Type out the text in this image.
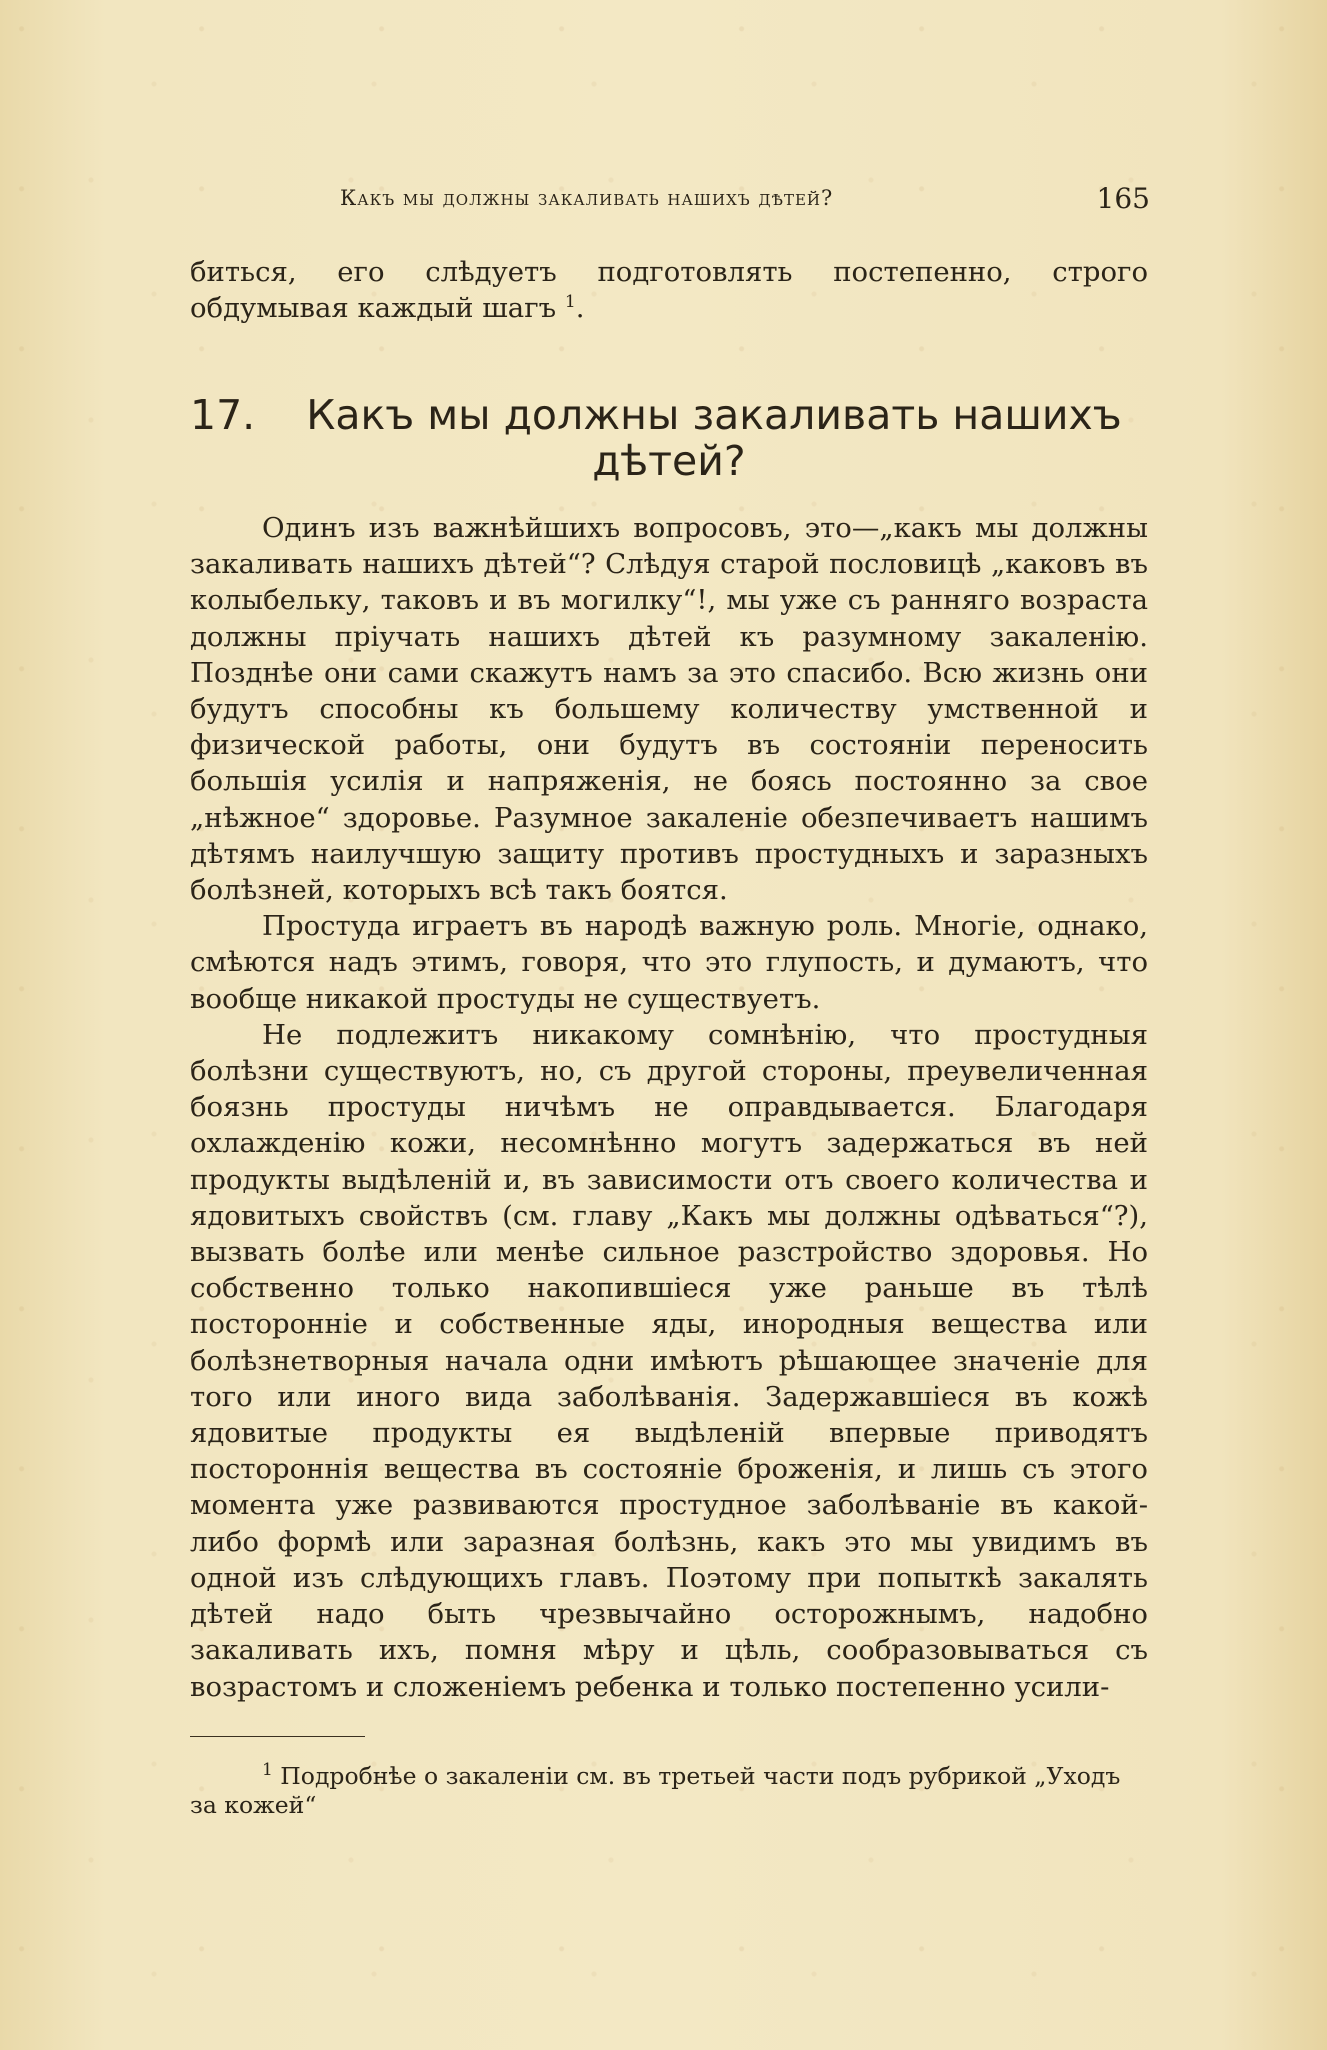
Какъ мы должны закаливать нашихъ дѣтей?	165

биться, его слѣдуетъ подготовлять постепенно, строго обдумывая каждый шагъ $^1$.

17.	Какъ мы должны закаливать нашихъ
дѣтей?

Одинъ изъ важнѣйшихъ вопросовъ, это—„какъ мы должны закаливать нашихъ дѣтей“? Слѣдуя старой пословицѣ „каковъ въ колыбельку, таковъ и въ могилку“!, мы уже съ ранняго возраста должны пріучать нашихъ дѣтей къ разумному закаленію. Позднѣе они сами скажутъ намъ за это спасибо. Всю жизнь они будутъ способны къ большему количеству умственной и физической работы, они будутъ въ состояніи переносить большія усилія и напряженія, не боясь постоянно за свое „нѣжное“ здоровье. Разумное закаленіе обезпечиваетъ нашимъ дѣтямъ наилучшую защиту противъ простудныхъ и заразныхъ болѣзней, которыхъ всѣ такъ боятся.

Простуда играетъ въ народѣ важную роль. Многіе, однако, смѣются надъ этимъ, говоря, что это глупость, и думаютъ, что вообще никакой простуды не существуетъ.

Не подлежитъ никакому сомнѣнію, что простудныя болѣзни существуютъ, но, съ другой стороны, преувеличенная боязнь простуды ничѣмъ не оправдывается. Благодаря охлажденію кожи, несомнѣнно могутъ задержаться въ ней продукты выдѣленій и, въ зависимости отъ своего количества и ядовитыхъ свойствъ (см. главу „Какъ мы должны одѣваться“?), вызвать болѣе или менѣе сильное разстройство здоровья. Но собственно только накопившіеся уже раньше въ тѣлѣ посторонніе и собственные яды, инородныя вещества или болѣзнетворныя начала одни имѣютъ рѣшающее значеніе для того или иного вида заболѣванія. Задержавшіеся въ кожѣ ядовитые продукты ея выдѣленій впервые приводятъ постороннія вещества въ состояніе броженія, и лишь съ этого момента уже развиваются простудное заболѣваніе въ какой-либо формѣ или заразная болѣзнь, какъ это мы увидимъ въ одной изъ слѣдующихъ главъ. Поэтому при попыткѣ закалять дѣтей надо быть чрезвычайно осторожнымъ, надобно закаливать ихъ, помня мѣру и цѣль, сообразовываться съ возрастомъ и сложеніемъ ребенка и только постепенно усили-

$^1$ Подробнѣе о закаленіи см. въ третьей части подъ рубрикой „Уходъ за кожей“
